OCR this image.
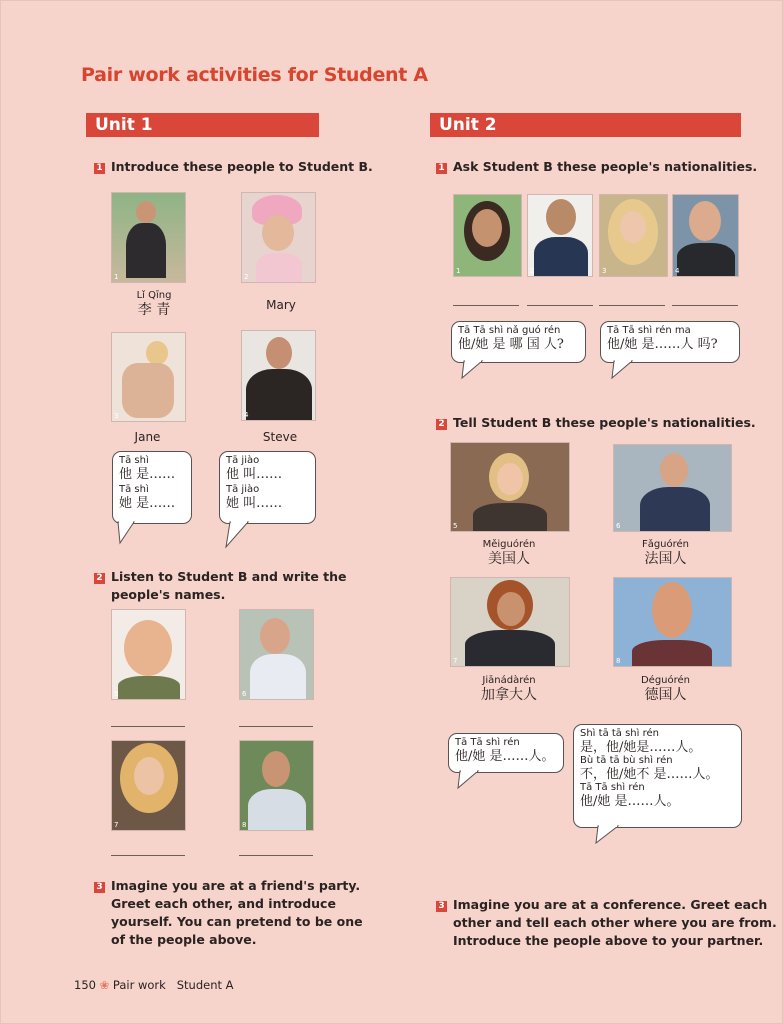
Pair work activities for Student A
Unit 1
1 Introduce these people to Student B.
1
Lǐ Qīng
李 青
2
Mary
3
Jane
4
Steve
Tā shì
他 是……
Tā shì
她 是……
Tā jiào
他 叫……
Tā jiào
她 叫……
2 Listen to Student B and write the
people's names.
5	6
7	8
3 Imagine you are at a friend's party.
Greet each other, and introduce
yourself. You can pretend to be one
of the people above.
Unit 2
1 Ask Student B these people's nationalities.
1	2	3	4
Tā Tā shì nǎ guó rén
他/她 是 哪 国 人?
Tā Tā shì rén ma
他/她 是……人 吗?
2 Tell Student B these people's nationalities.
5
Měiguórén
美国人
6
Fǎguórén
法国人
7
Jiānádàrén
加拿大人
8
Déguórén
德国人
Tā Tā shì rén
他/她 是……人。
Shì tā tā shì rén
是，他/她是……人。
Bù tā tā bù shì rén
不，他/她不 是……人。
Tā Tā shì rén
他/她 是……人。
3 Imagine you are at a conference. Greet each
other and tell each other where you are from.
Introduce the people above to your partner.
150 ❀ Pair work Student A
